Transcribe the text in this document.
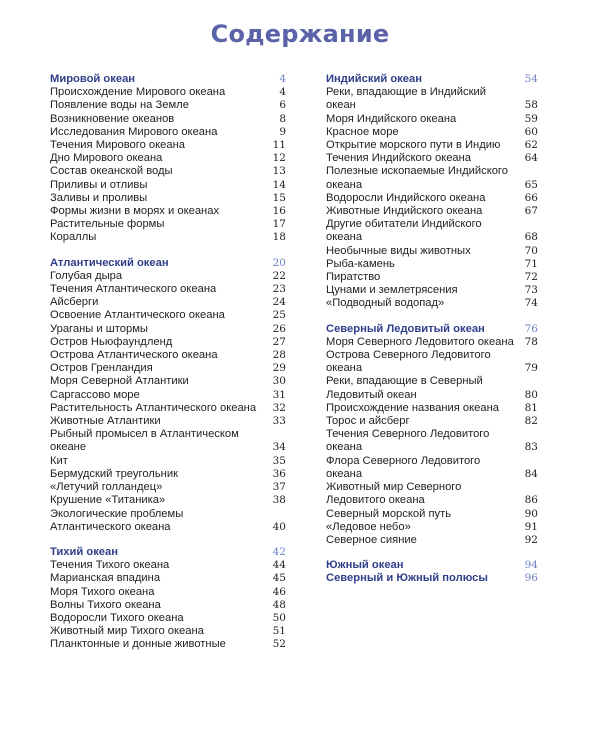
Содержание
Мировой океан	4
Происхождение Мирового океана	4
Появление воды на Земле	6
Возникновение океанов	8
Исследования Мирового океана	9
Течения Мирового океана	11
Дно Мирового океана	12
Состав океанской воды	13
Приливы и отливы	14
Заливы и проливы	15
Формы жизни в морях и океанах	16
Растительные формы	17
Кораллы	18
Атлантический океан	20
Голубая дыра	22
Течения Атлантического океана	23
Айсберги	24
Освоение Атлантического океана	25
Ураганы и штормы	26
Остров Ньюфаундленд	27
Острова Атлантического океана	28
Остров Гренландия	29
Моря Северной Атлантики	30
Саргассово море	31
Растительность Атлантического океана	32
Животные Атлантики	33
Рыбный промысел в Атлантическом океане	34
Кит	35
Бермудский треугольник	36
«Летучий голландец»	37
Крушение «Титаника»	38
Экологические проблемы Атлантического океана	40
Тихий океан	42
Течения Тихого океана	44
Марианская впадина	45
Моря Тихого океана	46
Волны Тихого океана	48
Водоросли Тихого океана	50
Животный мир Тихого океана	51
Планктонные и донные животные	52
Индийский океан	54
Реки, впадающие в Индийский океан	58
Моря Индийского океана	59
Красное море	60
Открытие морского пути в Индию	62
Течения Индийского океана	64
Полезные ископаемые Индийского океана	65
Водоросли Индийского океана	66
Животные Индийского океана	67
Другие обитатели Индийского океана	68
Необычные виды животных	70
Рыба-камень	71
Пиратство	72
Цунами и землетрясения	73
«Подводный водопад»	74
Северный Ледовитый океан	76
Моря Северного Ледовитого океана	78
Острова Северного Ледовитого океана	79
Реки, впадающие в Северный Ледовитый океан	80
Происхождение названия океана	81
Торос и айсберг	82
Течения Северного Ледовитого океана	83
Флора Северного Ледовитого океана	84
Животный мир Северного Ледовитого океана	86
Северный морской путь	90
«Ледовое небо»	91
Северное сияние	92
Южный океан	94
Северный и Южный полюсы	96
